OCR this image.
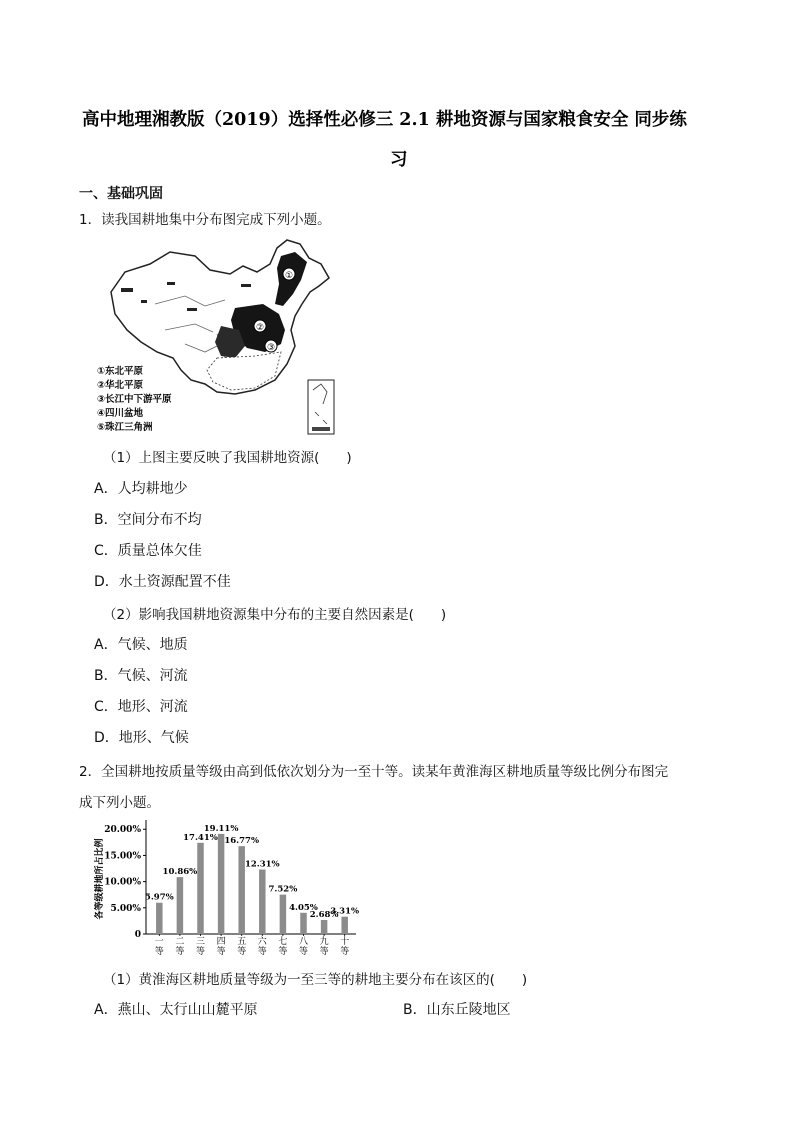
高中地理湘教版（2019）选择性必修三 2.1 耕地资源与国家粮食安全 同步练
习
一、基础巩固
1．读我国耕地集中分布图完成下列小题。
①
②
③
①东北平原
②华北平原
③长江中下游平原
④四川盆地
⑤珠江三角洲
（1）上图主要反映了我国耕地资源(　　)
A．人均耕地少
B．空间分布不均
C．质量总体欠佳
D．水土资源配置不佳
（2）影响我国耕地资源集中分布的主要自然因素是(　　)
A．气候、地质
B．气候、河流
C．地形、河流
D．地形、气候
2．全国耕地按质量等级由高到低依次划分为一至十等。读某年黄淮海区耕地质量等级比例分布图完
成下列小题。
各等级耕地所占比例
0
5.00%
10.00%
15.00%
20.00%
5.97%
一
等
10.86%
二
等
17.41%
三
等
19.11%
四
等
16.77%
五
等
12.31%
六
等
7.52%
七
等
4.05%
八
等
2.68%
九
等
3.31%
十
等
（1）黄淮海区耕地质量等级为一至三等的耕地主要分布在该区的(　　)
A．燕山、太行山山麓平原	B．山东丘陵地区
